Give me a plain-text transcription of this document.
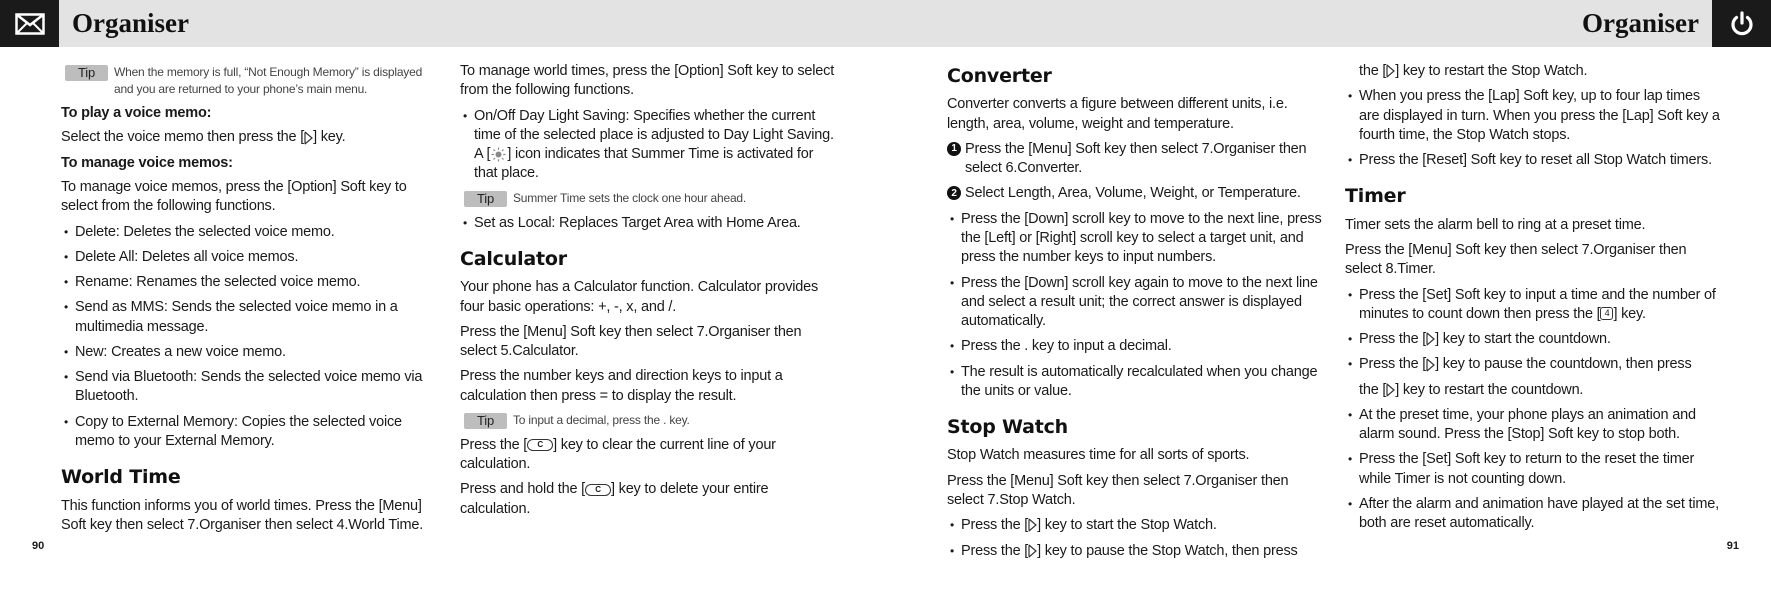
Organiser	Organiser
Tip	When the memory is full, “Not Enough Memory” is displayed and you are returned to your phone’s main menu.

To play a voice memo:

Select the voice memo then press the [ ] key.

To manage voice memos:

To manage voice memos, press the [Option] Soft key to select from the following functions.

• Delete: Deletes the selected voice memo.
• Delete All: Deletes all voice memos.
• Rename: Renames the selected voice memo.
• Send as MMS: Sends the selected voice memo in a multimedia message.
• New: Creates a new voice memo.
• Send via Bluetooth: Sends the selected voice memo via Bluetooth.
• Copy to External Memory: Copies the selected voice memo to your External Memory.
World Time

This function informs you of world times. Press the [Menu] Soft key then select 7.Organiser then select 4.World Time.

To manage world times, press the [Option] Soft key to select from the following functions.

• On/Off Day Light Saving: Specifies whether the current time of the selected place is adjusted to Day Light Saving. A [ ] icon indicates that Summer Time is activated for that place.
Tip	Summer Time sets the clock one hour ahead.
• Set as Local: Replaces Target Area with Home Area.
Calculator

Your phone has a Calculator function. Calculator provides four basic operations: +, -, x, and /.

Press the [Menu] Soft key then select 7.Organiser then select 5.Calculator.

Press the number keys and direction keys to input a calculation then press = to display the result.

Tip	To input a decimal, press the . key.

Press the [ C ] key to clear the current line of your calculation.

Press and hold the [ C ] key to delete your entire calculation.

Converter

Converter converts a figure between different units, i.e. length, area, volume, weight and temperature.

1 Press the [Menu] Soft key then select 7.Organiser then select 6.Converter.
2 Select Length, Area, Volume, Weight, or Temperature.
• Press the [Down] scroll key to move to the next line, press the [Left] or [Right] scroll key to select a target unit, and press the number keys to input numbers.
• Press the [Down] scroll key again to move to the next line and select a result unit; the correct answer is displayed automatically.
• Press the . key to input a decimal.
• The result is automatically recalculated when you change the units or value.
Stop Watch

Stop Watch measures time for all sorts of sports.

Press the [Menu] Soft key then select 7.Organiser then select 7.Stop Watch.

• Press the [ ] key to start the Stop Watch.
• Press the [ ] key to pause the Stop Watch, then press

the [ ] key to restart the Stop Watch.

• When you press the [Lap] Soft key, up to four lap times are displayed in turn. When you press the [Lap] Soft key a fourth time, the Stop Watch stops.
• Press the [Reset] Soft key to reset all Stop Watch timers.
Timer

Timer sets the alarm bell to ring at a preset time.

Press the [Menu] Soft key then select 7.Organiser then select 8.Timer.

• Press the [Set] Soft key to input a time and the number of minutes to count down then press the [ 4 ] key.
• Press the [ ] key to start the countdown.
• Press the [ ] key to pause the countdown, then press

the [ ] key to restart the countdown.

• At the preset time, your phone plays an animation and alarm sound. Press the [Stop] Soft key to stop both.
• Press the [Set] Soft key to return to the reset the timer while Timer is not counting down.
• After the alarm and animation have played at the set time, both are reset automatically.
90	91
